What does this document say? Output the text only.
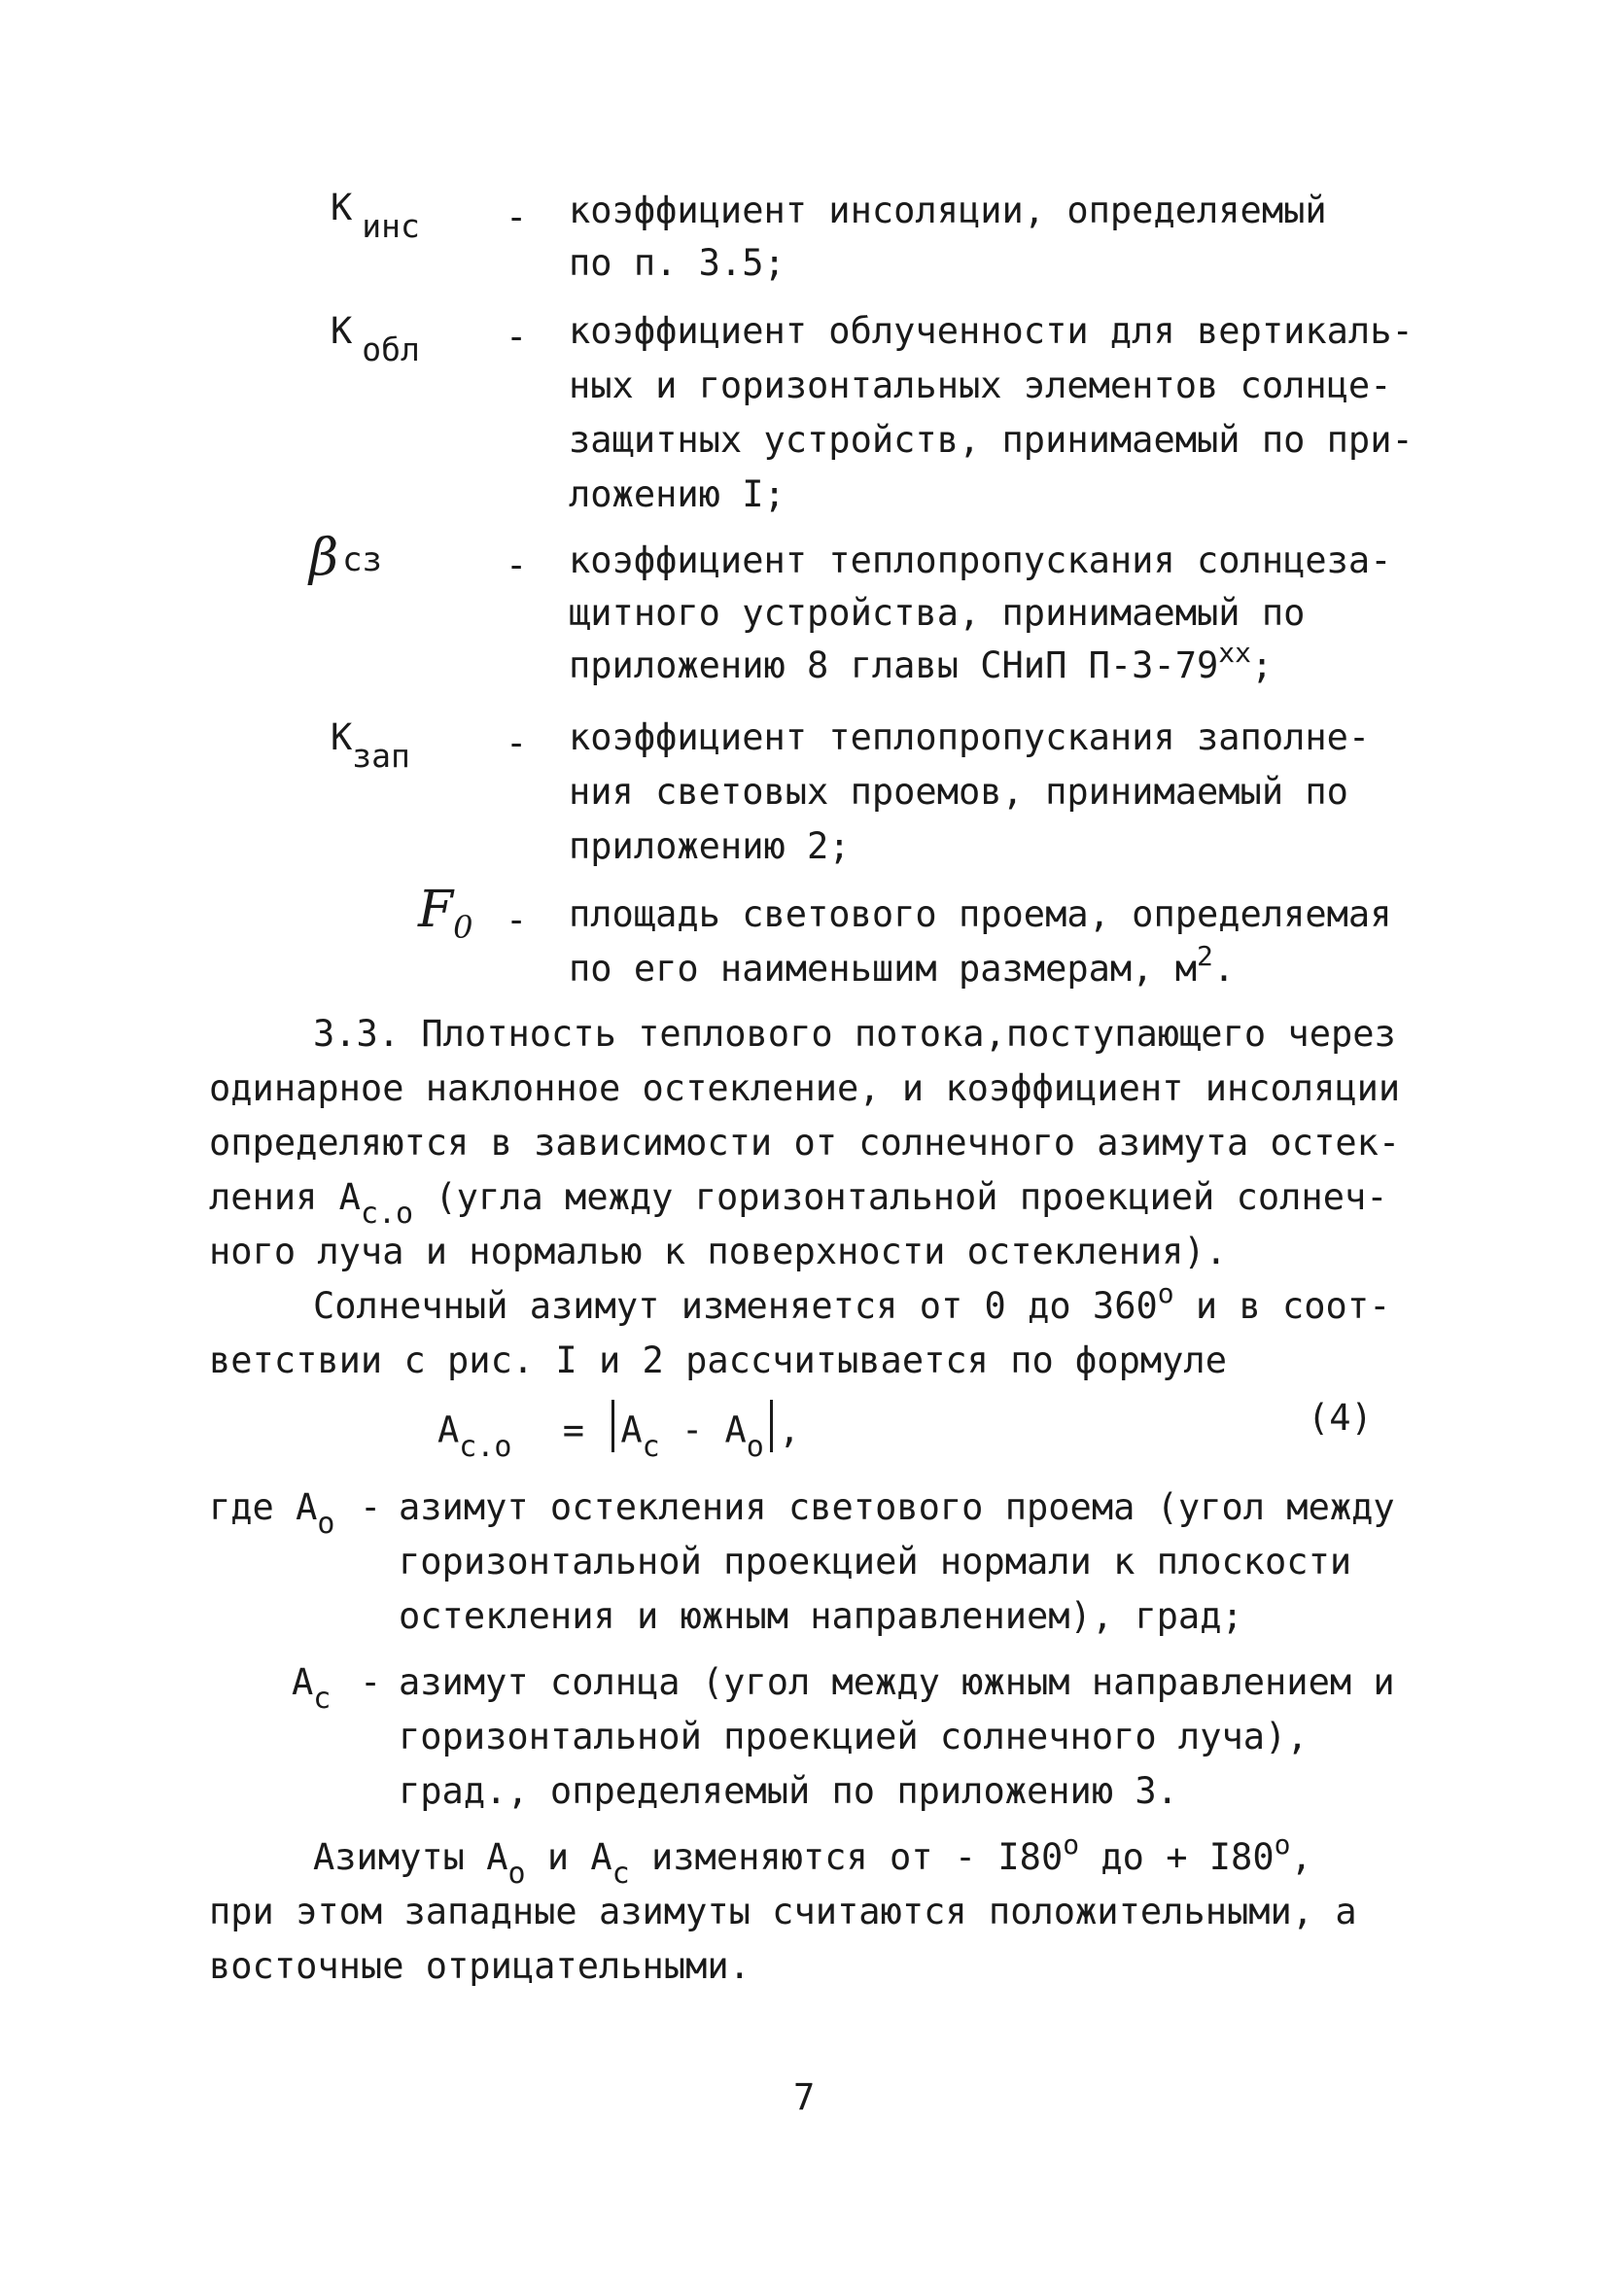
К инс - коэффициент инсоляции, определяемый
по п. 3.5;
К обл - коэффициент облученности для вертикаль-
ных и горизонтальных элементов солнце-
защитных устройств, принимаемый по при-
ложению I;
βсз	- коэффициент теплопропускания солнцеза-
щитного устройства, принимаемый по
приложению 8 главы СНиП П-3-79$^{xx}$;
Кзап	- коэффициент теплопропускания заполне-
ния световых проемов, принимаемый по
приложению 2;
F0 - площадь светового проема, определяемая
по его наименьшим размерам, $м^2$.
3.3. Плотность теплового потока,поступающего через
одинарное наклонное остекление, и коэффициент инсоляции
определяются в зависимости от солнечного азимута остек-
ления $А_{с.о}$ (угла между горизонтальной проекцией солнеч-
ного луча и нормалью к поверхности остекления).
Солнечный азимут изменяется от 0 до $360^о$ и в соот-
ветствии с рис. I и 2 рассчитывается по формуле
$А_{с.о} = А_с - А_о$ ,	(4)
где $А_о$ - азимут остекления светового проема (угол между
горизонтальной проекцией нормали к плоскости
остекления и южным направлением), град;
$А_с$ - азимут солнца (угол между южным направлением и
горизонтальной проекцией солнечного луча),
град., определяемый по приложению 3.
Азимуты $А_о$ и $А_с$ изменяются от - $I80^о$ до + $I80^о$,
при этом западные азимуты считаются положительными, а
восточные отрицательными.
7
